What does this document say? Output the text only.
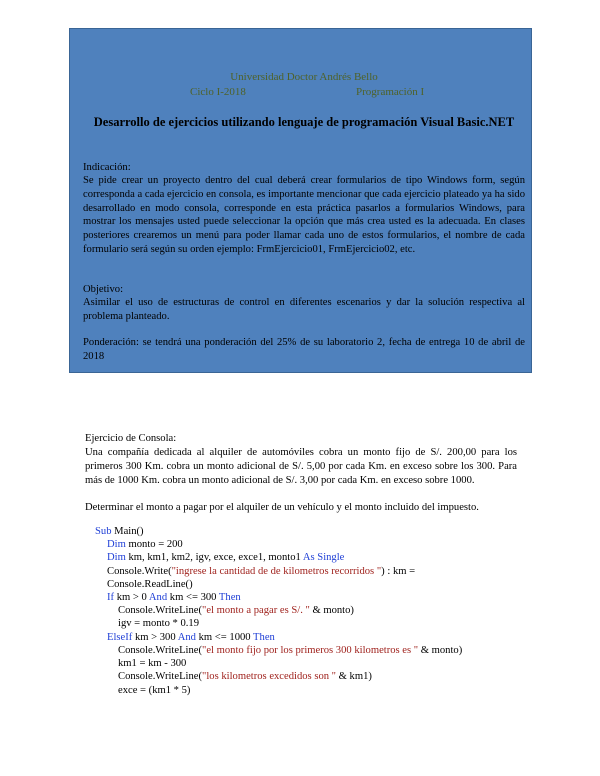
Universidad Doctor Andrés Bello
Ciclo I-2018	Programación I
Desarrollo de ejercicios utilizando lenguaje de programación Visual Basic.NET
Indicación:
Se pide crear un proyecto dentro del cual deberá crear formularios de tipo Windows form, según corresponda a cada ejercicio en consola, es importante mencionar que cada ejercicio plateado ya ha sido desarrollado en modo consola, corresponde en esta práctica pasarlos a formularios Windows, para mostrar los mensajes usted puede seleccionar la opción que más crea usted es la adecuada. En clases posteriores crearemos un menú para poder llamar cada uno de estos formularios, el nombre de cada formulario será según su orden ejemplo: FrmEjercicio01, FrmEjercicio02, etc.
Objetivo:
Asimilar el uso de estructuras de control en diferentes escenarios y dar la solución respectiva al problema planteado.
Ponderación: se tendrá una ponderación del 25% de su laboratorio 2, fecha de entrega 10 de abril de 2018
Ejercicio de Consola:
Una compañía dedicada al alquiler de automóviles cobra un monto fijo de S/. 200,00 para los primeros 300 Km. cobra un monto adicional de S/. 5,00 por cada Km. en exceso sobre los 300. Para más de 1000 Km. cobra un monto adicional de S/. 3,00 por cada Km. en exceso sobre 1000.
Determinar el monto a pagar por el alquiler de un vehículo y el monto incluido del impuesto.
Sub Main()
Dim monto = 200
Dim km, km1, km2, igv, exce, exce1, monto1 As Single
Console.Write("ingrese la cantidad de de kilometros recorridos ") : km =
Console.ReadLine()
If km > 0 And km <= 300 Then
Console.WriteLine("el monto a pagar es S/. " & monto)
igv = monto * 0.19
ElseIf km > 300 And km <= 1000 Then
Console.WriteLine("el monto fijo por los primeros 300 kilometros es " & monto)
km1 = km - 300
Console.WriteLine("los kilometros excedidos son " & km1)
exce = (km1 * 5)
